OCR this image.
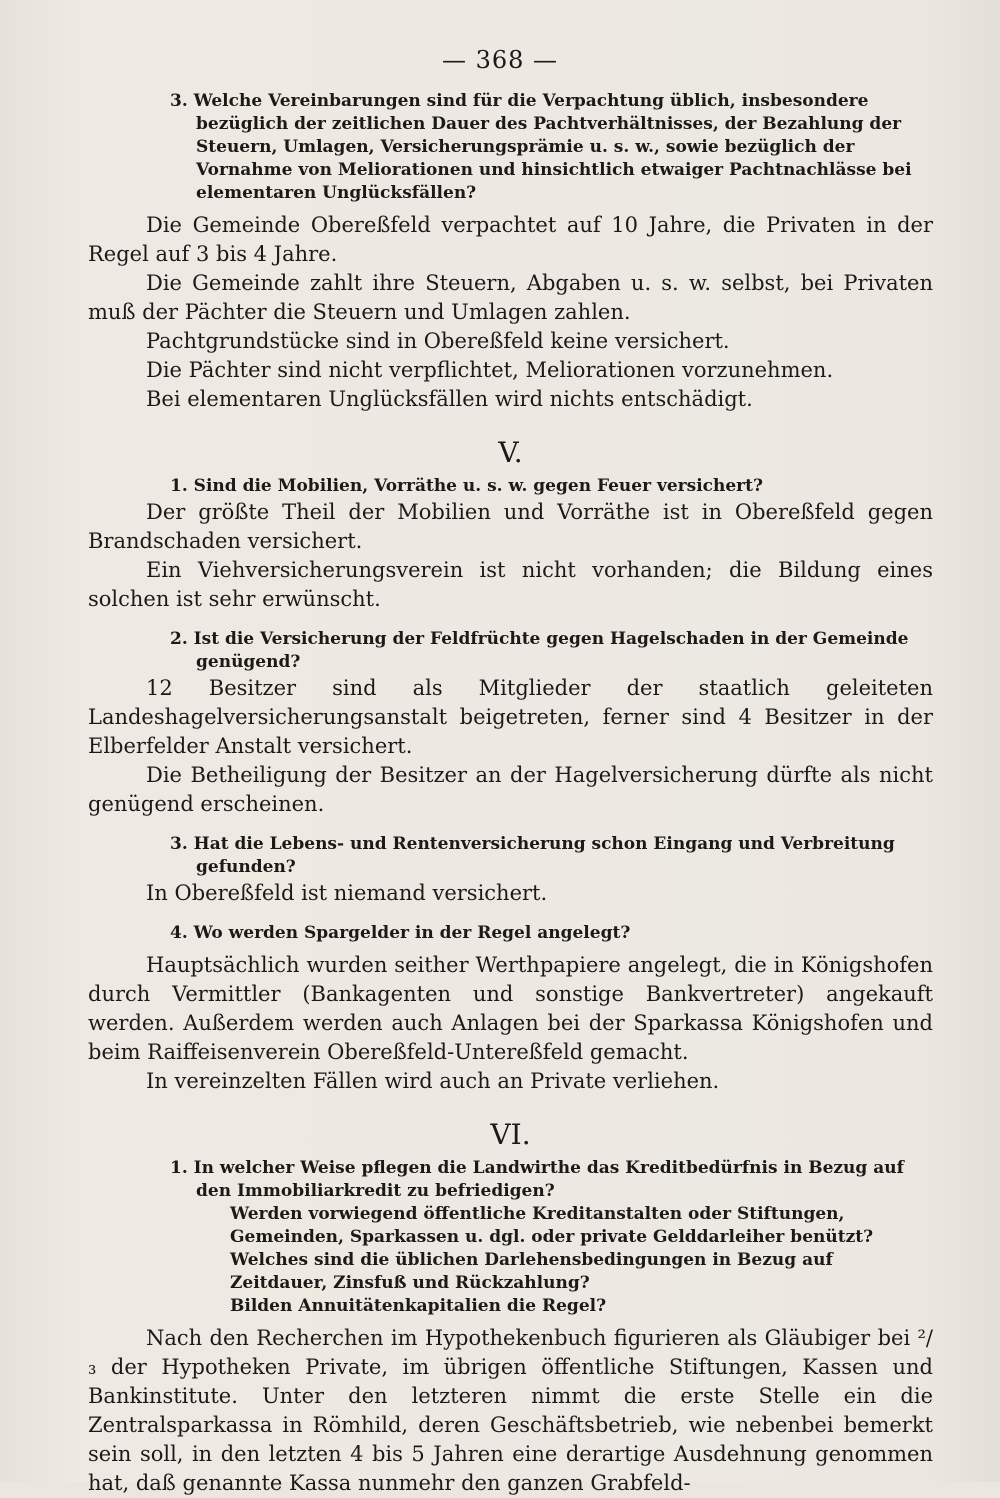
— 368 —

3. Welche Vereinbarungen sind für die Verpachtung üblich, insbesondere bezüglich der zeitlichen Dauer des Pachtverhältnisses, der Bezahlung der Steuern, Umlagen, Versicherungsprämie u. s. w., sowie bezüglich der Vornahme von Meliorationen und hinsichtlich etwaiger Pachtnachlässe bei elementaren Unglücksfällen?

Die Gemeinde Obereßfeld verpachtet auf 10 Jahre, die Privaten in der Regel auf 3 bis 4 Jahre.

Die Gemeinde zahlt ihre Steuern, Abgaben u. s. w. selbst, bei Privaten muß der Pächter die Steuern und Umlagen zahlen.

Pachtgrundstücke sind in Obereßfeld keine versichert.

Die Pächter sind nicht verpflichtet, Meliorationen vorzunehmen.

Bei elementaren Unglücksfällen wird nichts entschädigt.

V.

1. Sind die Mobilien, Vorräthe u. s. w. gegen Feuer versichert?

Der größte Theil der Mobilien und Vorräthe ist in Obereßfeld gegen Brandschaden versichert.

Ein Viehversicherungsverein ist nicht vorhanden; die Bildung eines solchen ist sehr erwünscht.

2. Ist die Versicherung der Feldfrüchte gegen Hagelschaden in der Gemeinde genügend?

12 Besitzer sind als Mitglieder der staatlich geleiteten Landeshagelversicherungsanstalt beigetreten, ferner sind 4 Besitzer in der Elberfelder Anstalt versichert.

Die Betheiligung der Besitzer an der Hagelversicherung dürfte als nicht genügend erscheinen.

3. Hat die Lebens- und Rentenversicherung schon Eingang und Verbreitung gefunden?

In Obereßfeld ist niemand versichert.

4. Wo werden Spargelder in der Regel angelegt?

Hauptsächlich wurden seither Werthpapiere angelegt, die in Königshofen durch Vermittler (Bankagenten und sonstige Bankvertreter) angekauft werden. Außerdem werden auch Anlagen bei der Sparkassa Königshofen und beim Raiffeisenverein Obereßfeld-Untereßfeld gemacht.

In vereinzelten Fällen wird auch an Private verliehen.

VI.

1. In welcher Weise pflegen die Landwirthe das Kreditbedürfnis in Bezug auf den Immobiliarkredit zu befriedigen?

Werden vorwiegend öffentliche Kreditanstalten oder Stiftungen, Gemeinden, Sparkassen u. dgl. oder private Gelddarleiher benützt?

Welches sind die üblichen Darlehensbedingungen in Bezug auf Zeitdauer, Zinsfuß und Rückzahlung?

Bilden Annuitätenkapitalien die Regel?

Nach den Recherchen im Hypothekenbuch figurieren als Gläubiger bei ²/₃ der Hypotheken Private, im übrigen öffentliche Stiftungen, Kassen und Bankinstitute. Unter den letzteren nimmt die erste Stelle ein die Zentralsparkassa in Römhild, deren Geschäftsbetrieb, wie nebenbei bemerkt sein soll, in den letzten 4 bis 5 Jahren eine derartige Ausdehnung genommen hat, daß genannte Kassa nunmehr den ganzen Grabfeld-
